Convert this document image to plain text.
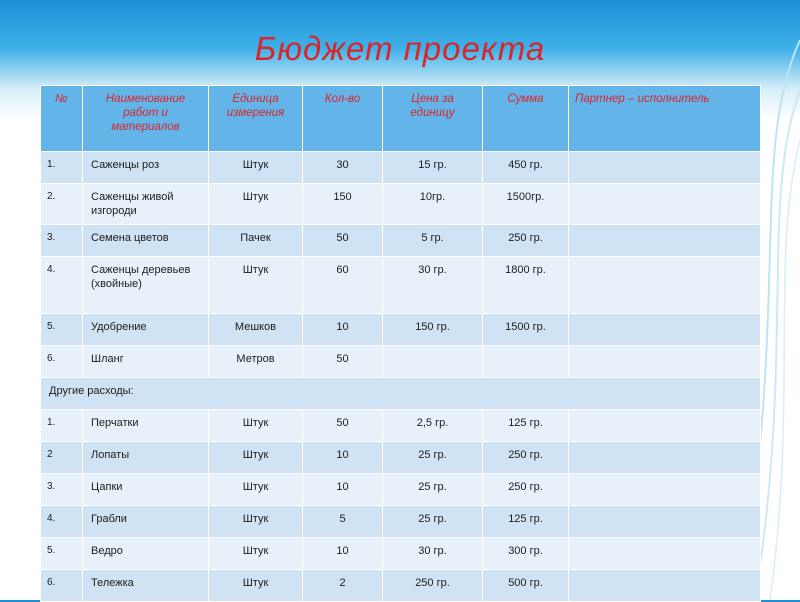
Бюджет проекта
№	Наименование работ и материалов	Единица измерения	Кол-во	Цена за единицу	Сумма	Партнер – исполнитель
1.	Саженцы роз	Штук	30	15 гр.	450 гр.	
2.	Саженцы живой изгороди	Штук	150	10гр.	1500гр.	
3.	Семена цветов	Пачек	50	5 гр.	250 гр.	
4.	Саженцы деревьев (хвойные)	Штук	60	30 гр.	1800 гр.	
5.	Удобрение	Мешков	10	150 гр.	1500 гр.	
6.	Шланг	Метров	50			
Другие расходы:						
1.	Перчатки	Штук	50	2,5 гр.	125 гр.	
2	Лопаты	Штук	10	25 гр.	250 гр.	
3.	Цапки	Штук	10	25 гр.	250 гр.	
4.	Грабли	Штук	5	25 гр.	125 гр.	
5.	Ведро	Штук	10	30 гр.	300 гр.	
6.	Тележка	Штук	2	250 гр.	500 гр.	
